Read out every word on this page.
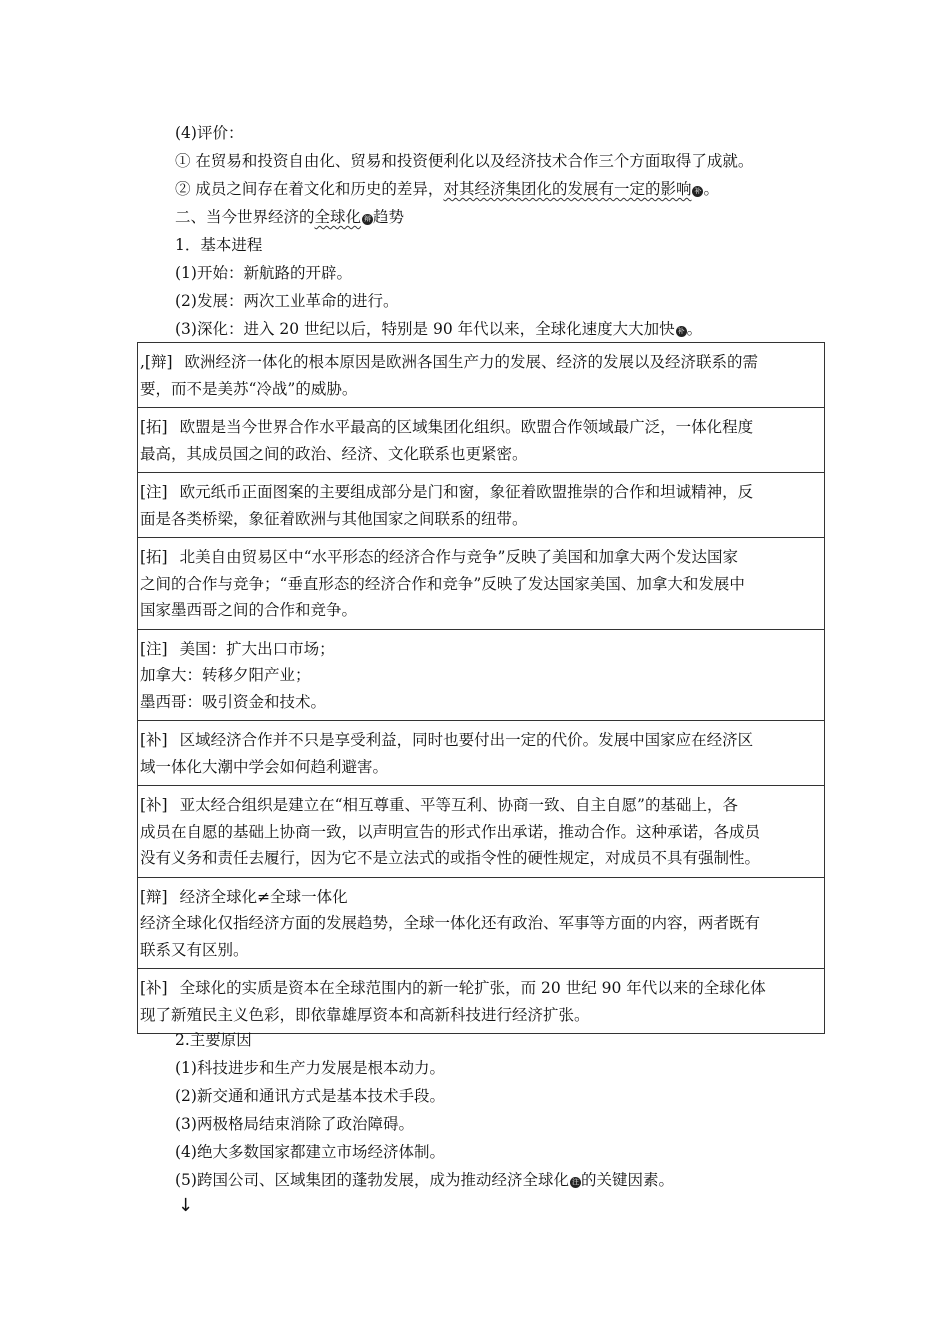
(4)评价：
① 在贸易和投资自由化、贸易和投资便利化以及经济技术合作三个方面取得了成就。
② 成员之间存在着文化和历史的差异，对其经济集团化的发展有一定的影响 补 。
二、当今世界经济的全球化 辩 趋势
1．基本进程
(1)开始：新航路的开辟。
(2)发展：两次工业革命的进行。
(3)深化：进入 20 世纪以后，特别是 90 年代以来，全球化速度大大加快 补 。

,[辩] 欧洲经济一体化的根本原因是欧洲各国生产力的发展、经济的发展以及经济联系的需

要，而不是美苏“冷战”的威胁。

[拓] 欧盟是当今世界合作水平最高的区域集团化组织。欧盟合作领域最广泛，一体化程度

最高，其成员国之间的政治、经济、文化联系也更紧密。

[注] 欧元纸币正面图案的主要组成部分是门和窗，象征着欧盟推崇的合作和坦诚精神，反

面是各类桥梁，象征着欧洲与其他国家之间联系的纽带。

[拓] 北美自由贸易区中“水平形态的经济合作与竞争”反映了美国和加拿大两个发达国家

之间的合作与竞争；“垂直形态的经济合作和竞争”反映了发达国家美国、加拿大和发展中

国家墨西哥之间的合作和竞争。

[注] 美国：扩大出口市场；

加拿大：转移夕阳产业；

墨西哥：吸引资金和技术。

[补] 区域经济合作并不只是享受利益，同时也要付出一定的代价。发展中国家应在经济区

域一体化大潮中学会如何趋利避害。

[补] 亚太经合组织是建立在“相互尊重、平等互利、协商一致、自主自愿”的基础上，各

成员在自愿的基础上协商一致，以声明宣告的形式作出承诺，推动合作。这种承诺，各成员

没有义务和责任去履行，因为它不是立法式的或指令性的硬性规定，对成员不具有强制性。

[辩] 经济全球化≠全球一体化

经济全球化仅指经济方面的发展趋势，全球一体化还有政治、军事等方面的内容，两者既有

联系又有区别。

[补] 全球化的实质是资本在全球范围内的新一轮扩张，而 20 世纪 90 年代以来的全球化体

现了新殖民主义色彩，即依靠雄厚资本和高新科技进行经济扩张。

2.主要原因
(1)科技进步和生产力发展是根本动力。
(2)新交通和通讯方式是基本技术手段。
(3)两极格局结束消除了政治障碍。
(4)绝大多数国家都建立市场经济体制。
(5)跨国公司、区域集团的蓬勃发展，成为推动经济全球化 注 的关键因素。
↓
